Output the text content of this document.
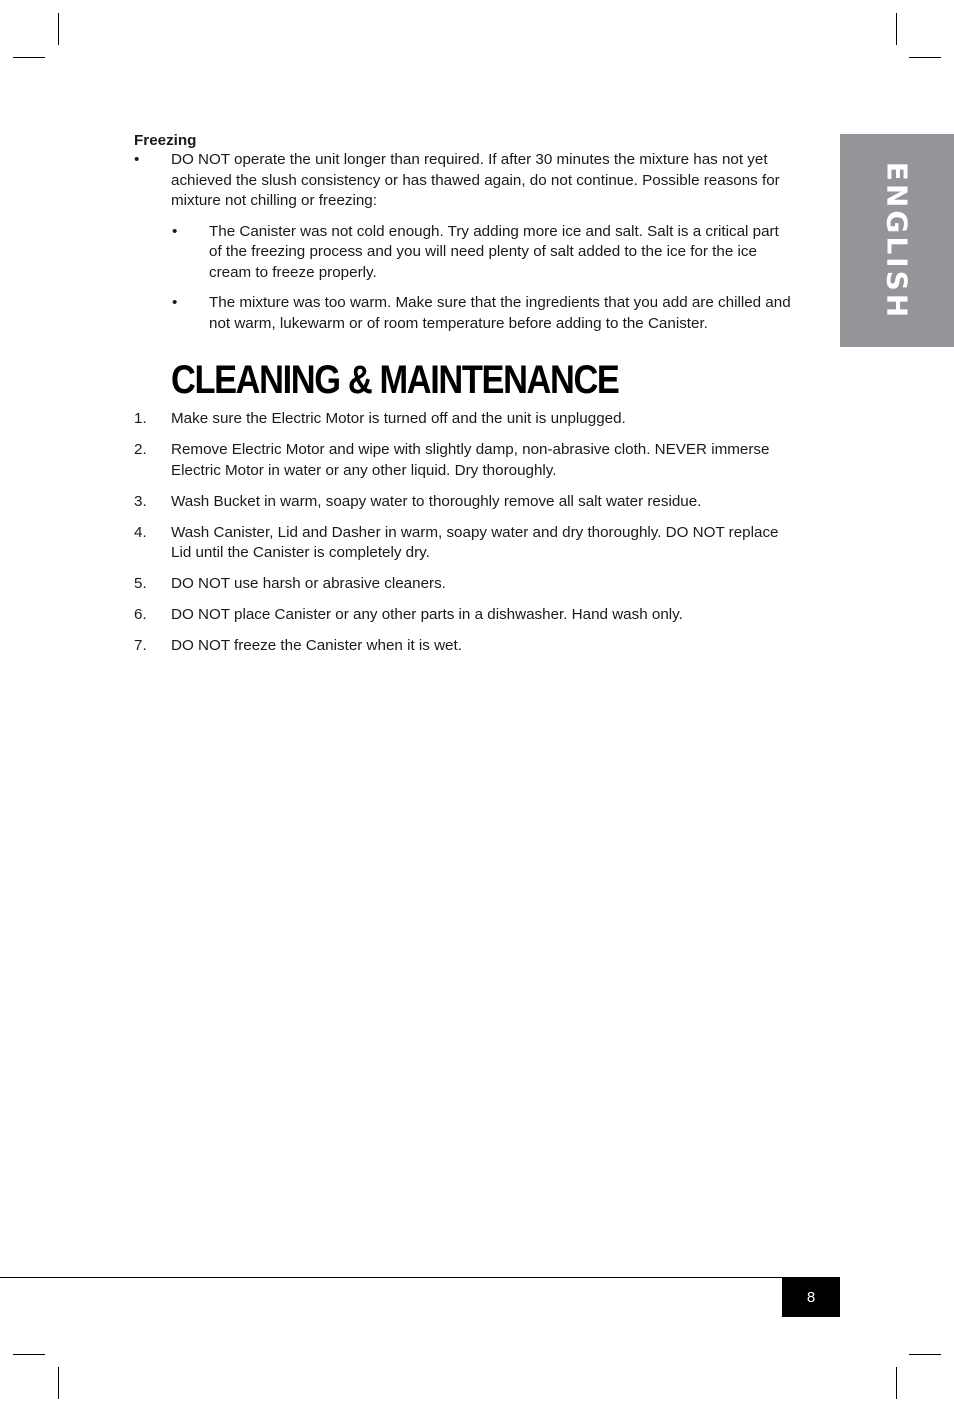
ENGLISH
Freezing
•	DO NOT operate the unit longer than required. If after 30 minutes the mixture has not yet achieved the slush consistency or has thawed again, do not continue. Possible reasons for mixture not chilling or freezing:
•	The Canister was not cold enough. Try adding more ice and salt. Salt is a critical part of the freezing process and you will need plenty of salt added to the ice for the ice cream to freeze properly.
•	The mixture was too warm. Make sure that the ingredients that you add are chilled and not warm, lukewarm or of room temperature before adding to the Canister.
CLEANING & MAINTENANCE
1.	Make sure the Electric Motor is turned off and the unit is unplugged.
2.	Remove Electric Motor and wipe with slightly damp, non-abrasive cloth. NEVER immerse Electric Motor in water or any other liquid. Dry thoroughly.
3.	Wash Bucket in warm, soapy water to thoroughly remove all salt water residue.
4.	Wash Canister, Lid and Dasher in warm, soapy water and dry thoroughly. DO NOT replace Lid until the Canister is completely dry.
5.	DO NOT use harsh or abrasive cleaners.
6.	DO NOT place Canister or any other parts in a dishwasher. Hand wash only.
7.	DO NOT freeze the Canister when it is wet.
8
